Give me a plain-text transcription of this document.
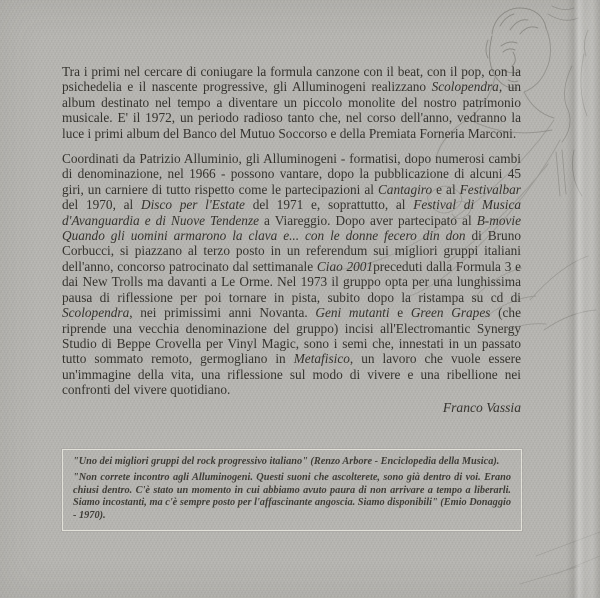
Tra i primi nel cercare di coniugare la formula canzone con il beat, con il pop, con la psichedelia e il nascente progressive, gli Alluminogeni realizzano Scolopendra, un album destinato nel tempo a diventare un piccolo monolite del nostro patrimonio musicale. E' il 1972, un periodo radioso tanto che, nel corso dell'anno, vedranno la luce i primi album del Banco del Mutuo Soccorso e della Premiata Forneria Marconi.

Coordinati da Patrizio Alluminio, gli Alluminogeni - formatisi, dopo numerosi cambi di denominazione, nel 1966 - possono vantare, dopo la pubblicazione di alcuni 45 giri, un carniere di tutto rispetto come le partecipazioni al Cantagiro e al Festivalbar del 1970, al Disco per l'Estate del 1971 e, soprattutto, al Festival di Musica d'Avanguardia e di Nuove Tendenze a Viareggio. Dopo aver partecipato al B-movie Quando gli uomini armarono la clava e... con le donne fecero din don di Bruno Corbucci, si piazzano al terzo posto in un referendum sui migliori gruppi italiani dell'anno, concorso patrocinato dal settimanale Ciao 2001preceduti dalla Formula 3 e dai New Trolls ma davanti a Le Orme. Nel 1973 il gruppo opta per una lunghissima pausa di riflessione per poi tornare in pista, subito dopo la ristampa su cd di Scolopendra, nei primissimi anni Novanta. Geni mutanti e Green Grapes (che riprende una vecchia denominazione del gruppo) incisi all'Electromantic Synergy Studio di Beppe Crovella per Vinyl Magic, sono i semi che, innestati in un passato tutto sommato remoto, germogliano in Metafisico, un lavoro che vuole essere un'immagine della vita, una riflessione sul modo di vivere e una ribellione nei confronti del vivere quotidiano.

Franco Vassia

"Uno dei migliori gruppi del rock progressivo italiano" (Renzo Arbore - Enciclopedia della Musica).

"Non correte incontro agli Alluminogeni. Questi suoni che ascolterete, sono già dentro di voi. Erano chiusi dentro. C'è stato un momento in cui abbiamo avuto paura di non arrivare a tempo a liberarli. Siamo incostanti, ma c'è sempre posto per l'affascinante angoscia. Siamo disponibili" (Emio Donaggio - 1970).
